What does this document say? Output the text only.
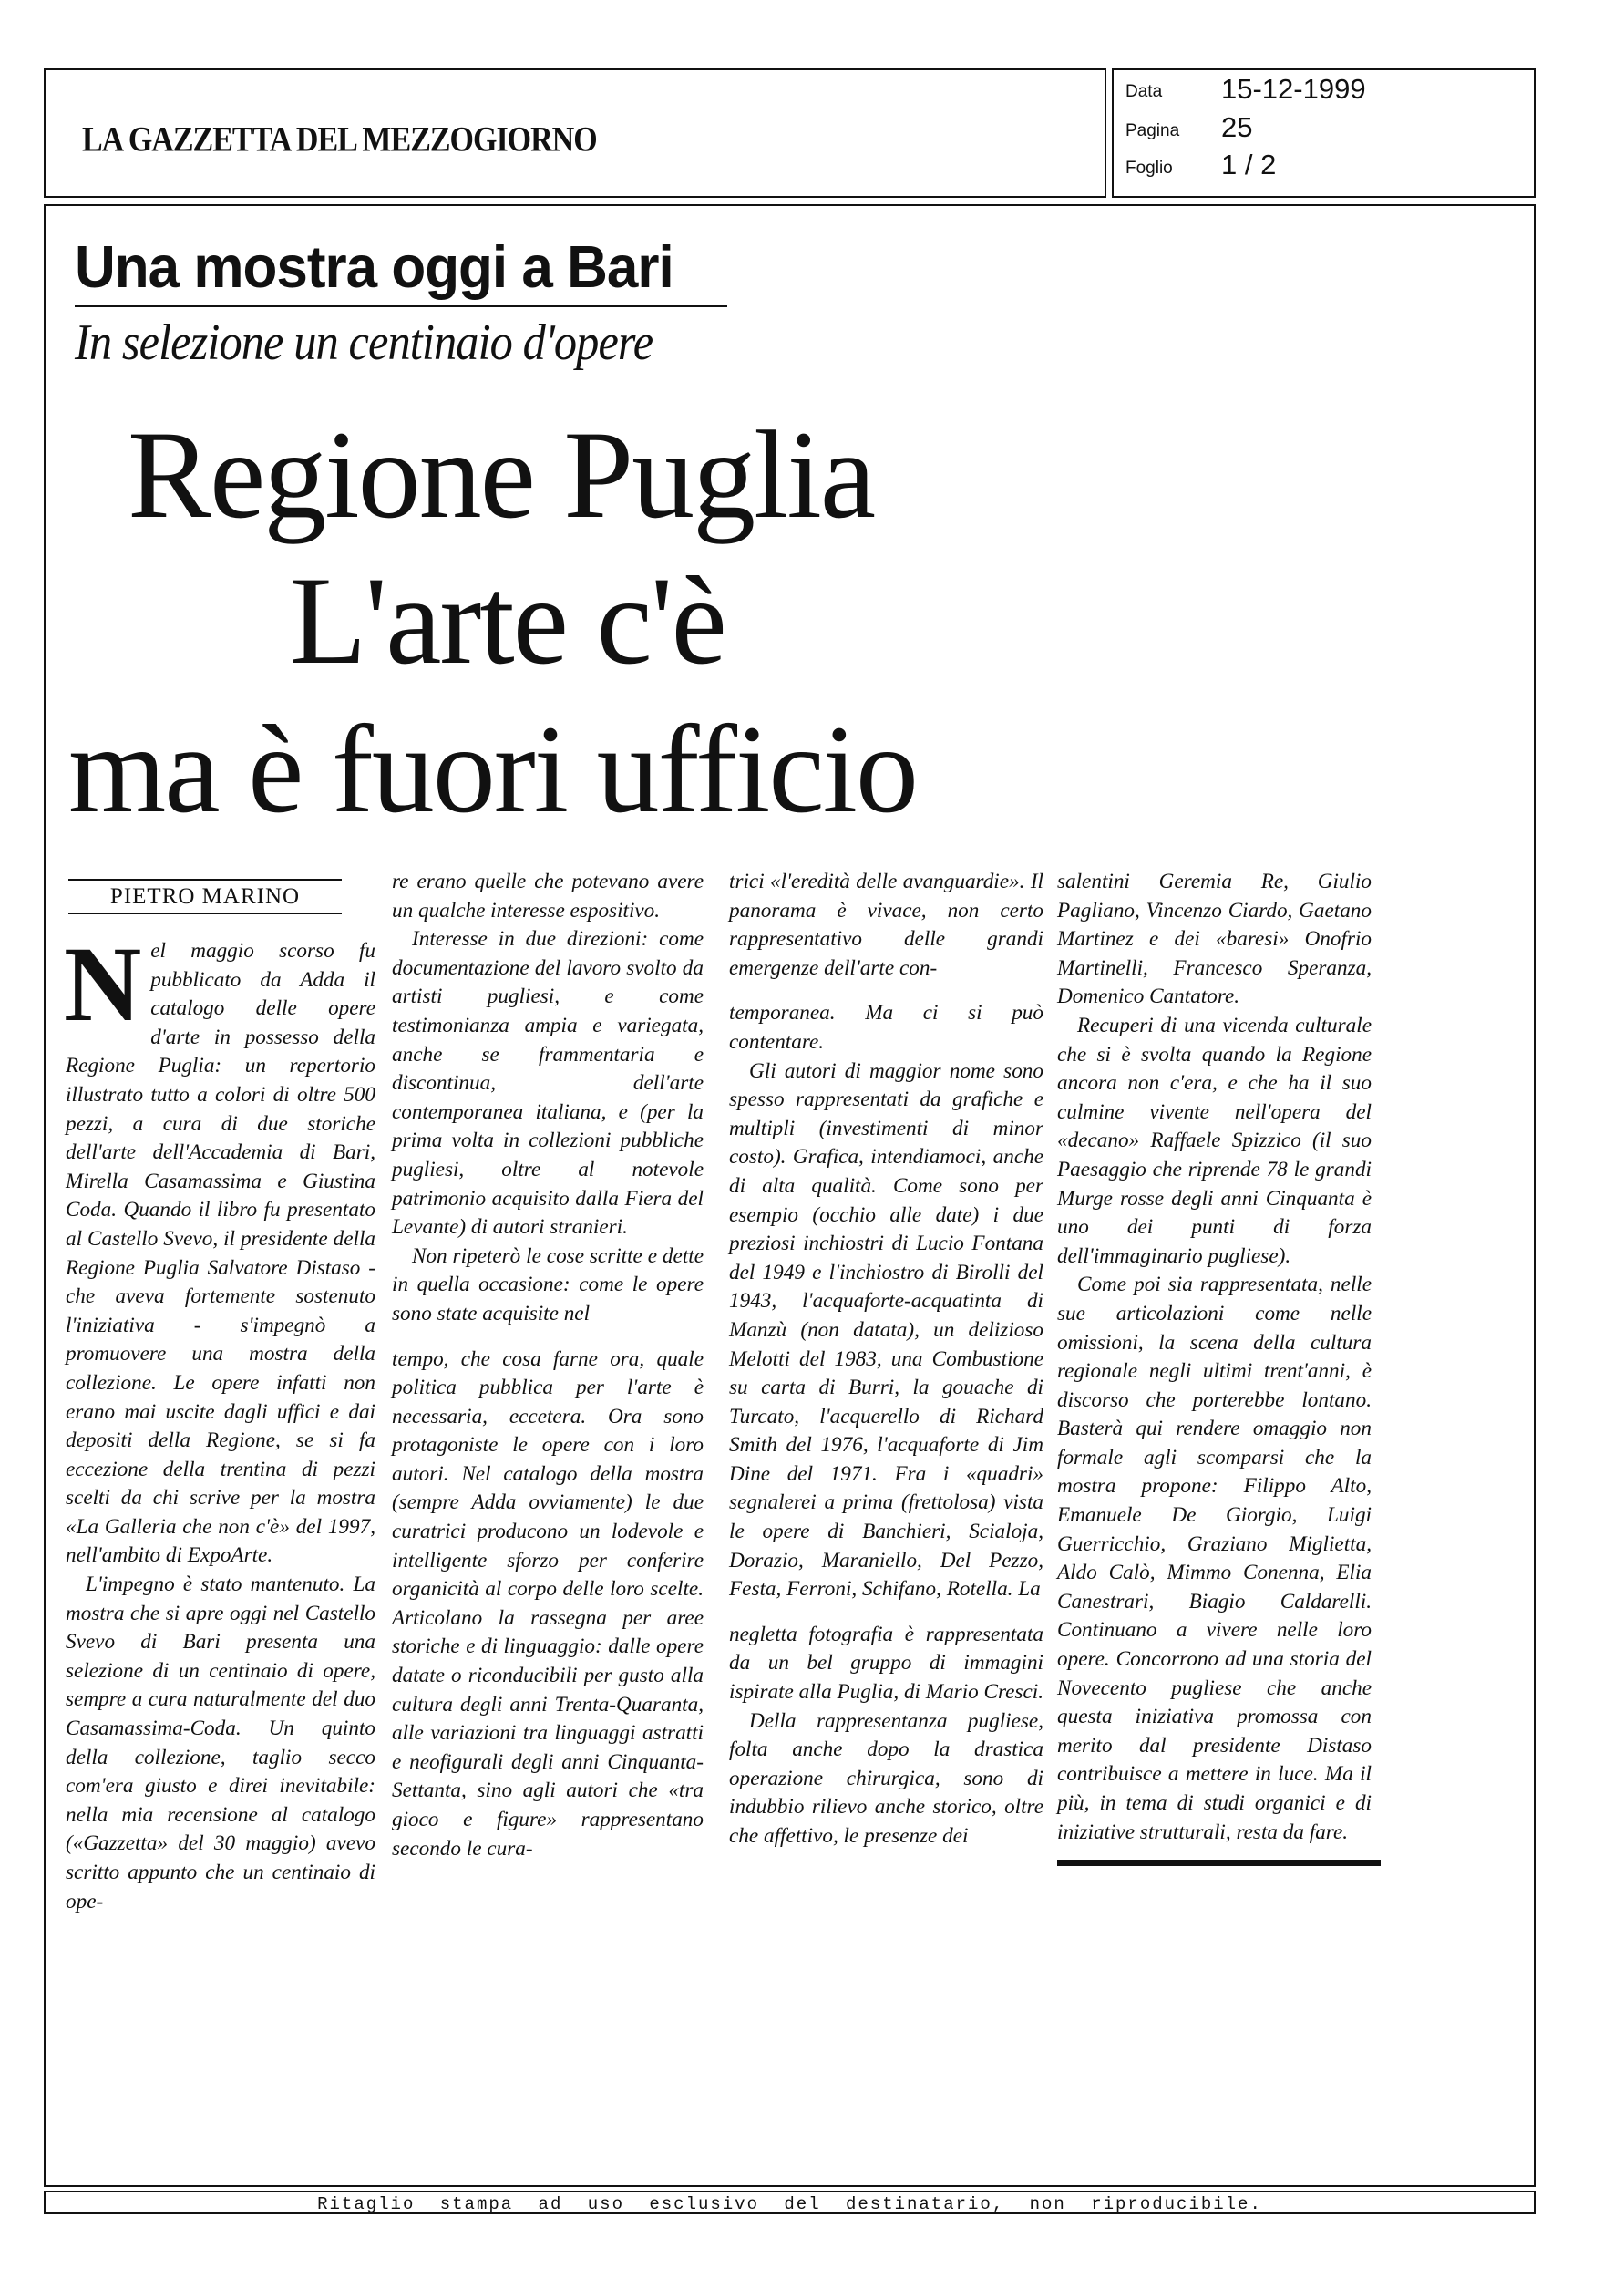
LA GAZZETTA DEL MEZZOGIORNO
Data 15-12-1999
Pagina 25
Foglio 1 / 2
Una mostra oggi a Bari
In selezione un centinaio d'opere
Regione Puglia
L'arte c'è
ma è fuori ufficio
PIETRO MARINO
N el maggio scorso fu pubblicato da Adda il catalogo delle opere d'arte in possesso della Regione Puglia: un repertorio illustrato tutto a colori di oltre 500 pezzi, a cura di due storiche dell'arte dell'Accademia di Bari, Mirella Casamassima e Giustina Coda. Quando il libro fu presentato al Castello Svevo, il presidente della Regione Puglia Salvatore Distaso - che aveva fortemente sostenuto l'iniziativa - s'impegnò a promuovere una mostra della collezione. Le opere infatti non erano mai uscite dagli uffici e dai depositi della Regione, se si fa eccezione della trentina di pezzi scelti da chi scrive per la mostra «La Galleria che non c'è» del 1997, nell'ambito di ExpoArte.

L'impegno è stato mantenuto. La mostra che si apre oggi nel Castello Svevo di Bari presenta una selezione di un centinaio di opere, sempre a cura naturalmente del duo Casamassima-Coda. Un quinto della collezione, taglio secco com'era giusto e direi inevitabile: nella mia recensione al catalogo («Gazzetta» del 30 maggio) avevo scritto appunto che un centinaio di ope-

re erano quelle che potevano avere un qualche interesse espositivo.

Interesse in due direzioni: come documentazione del lavoro svolto da artisti pugliesi, e come testimonianza ampia e variegata, anche se frammentaria e discontinua, dell'arte contemporanea italiana, e (per la prima volta in collezioni pubbliche pugliesi, oltre al notevole patrimonio acquisito dalla Fiera del Levante) di autori stranieri.

Non ripeterò le cose scritte e dette in quella occasione: come le opere sono state acquisite nel

tempo, che cosa farne ora, quale politica pubblica per l'arte è necessaria, eccetera. Ora sono protagoniste le opere con i loro autori. Nel catalogo della mostra (sempre Adda ovviamente) le due curatrici producono un lodevole e intelligente sforzo per conferire organicità al corpo delle loro scelte. Articolano la rassegna per aree storiche e di linguaggio: dalle opere datate o riconducibili per gusto alla cultura degli anni Trenta-Quaranta, alle variazioni tra linguaggi astratti e neofigurali degli anni Cinquanta-Settanta, sino agli autori che «tra gioco e figure» rappresentano secondo le cura-

trici «l'eredità delle avanguardie». Il panorama è vivace, non certo rappresentativo delle grandi emergenze dell'arte con-

temporanea. Ma ci si può contentare.

Gli autori di maggior nome sono spesso rappresentati da grafiche e multipli (investimenti di minor costo). Grafica, intendiamoci, anche di alta qualità. Come sono per esempio (occhio alle date) i due preziosi inchiostri di Lucio Fontana del 1949 e l'inchiostro di Birolli del 1943, l'acquaforte-acquatinta di Manzù (non datata), un deliziosо Melotti del 1983, una Combustione su carta di Burri, la gouache di Turcato, l'acquerello di Richard Smith del 1976, l'acquaforte di Jim Dine del 1971. Fra i «quadri» segnalerei a prima (frettolosa) vista le opere di Banchieri, Scialoja, Dorazio, Maraniello, Del Pezzo, Festa, Ferroni, Schifano, Rotella. La

negletta fotografia è rappresentata da un bel gruppo di immagini ispirate alla Puglia, di Mario Cresci.

Della rappresentanza pugliese, folta anche dopo la drastica operazione chirurgica, sono di indubbio rilievo anche storico, oltre che affettivo, le presenze dei

salentini Geremia Re, Giulio Pagliano, Vincenzo Ciardo, Gaetano Martinez e dei «baresi» Onofrio Martinelli, Francesco Speranza, Domenico Cantatore.

Recuperi di una vicenda culturale che si è svolta quando la Regione ancora non c'era, e che ha il suo culmine vivente nell'opera del «decano» Raffaele Spizzico (il suo Paesaggio che riprende 78 le grandi Murge rosse degli anni Cinquanta è uno dei punti di forza dell'immaginario pugliese).

Come poi sia rappresentata, nelle sue articolazioni come nelle omissioni, la scena della cultura regionale negli ultimi trent'anni, è discorso che porterebbe lontano. Basterà qui rendere omaggio non formale agli scomparsi che la mostra propone: Filippo Alto, Emanuele De Giorgio, Luigi Guerricchio, Graziano Miglietta, Aldo Calò, Mimmo Conenna, Elia Canestrari, Biagio Caldarelli. Continuano a vivere nelle loro opere. Concorrono ad una storia del Novecento pugliese che anche questa iniziativa promossa con merito dal presidente Distaso contribuisce a mettere in luce. Ma il più, in tema di studi organici e di iniziative strutturali, resta da fare.

Ritaglio stampa ad uso esclusivo del destinatario, non riproducibile.
